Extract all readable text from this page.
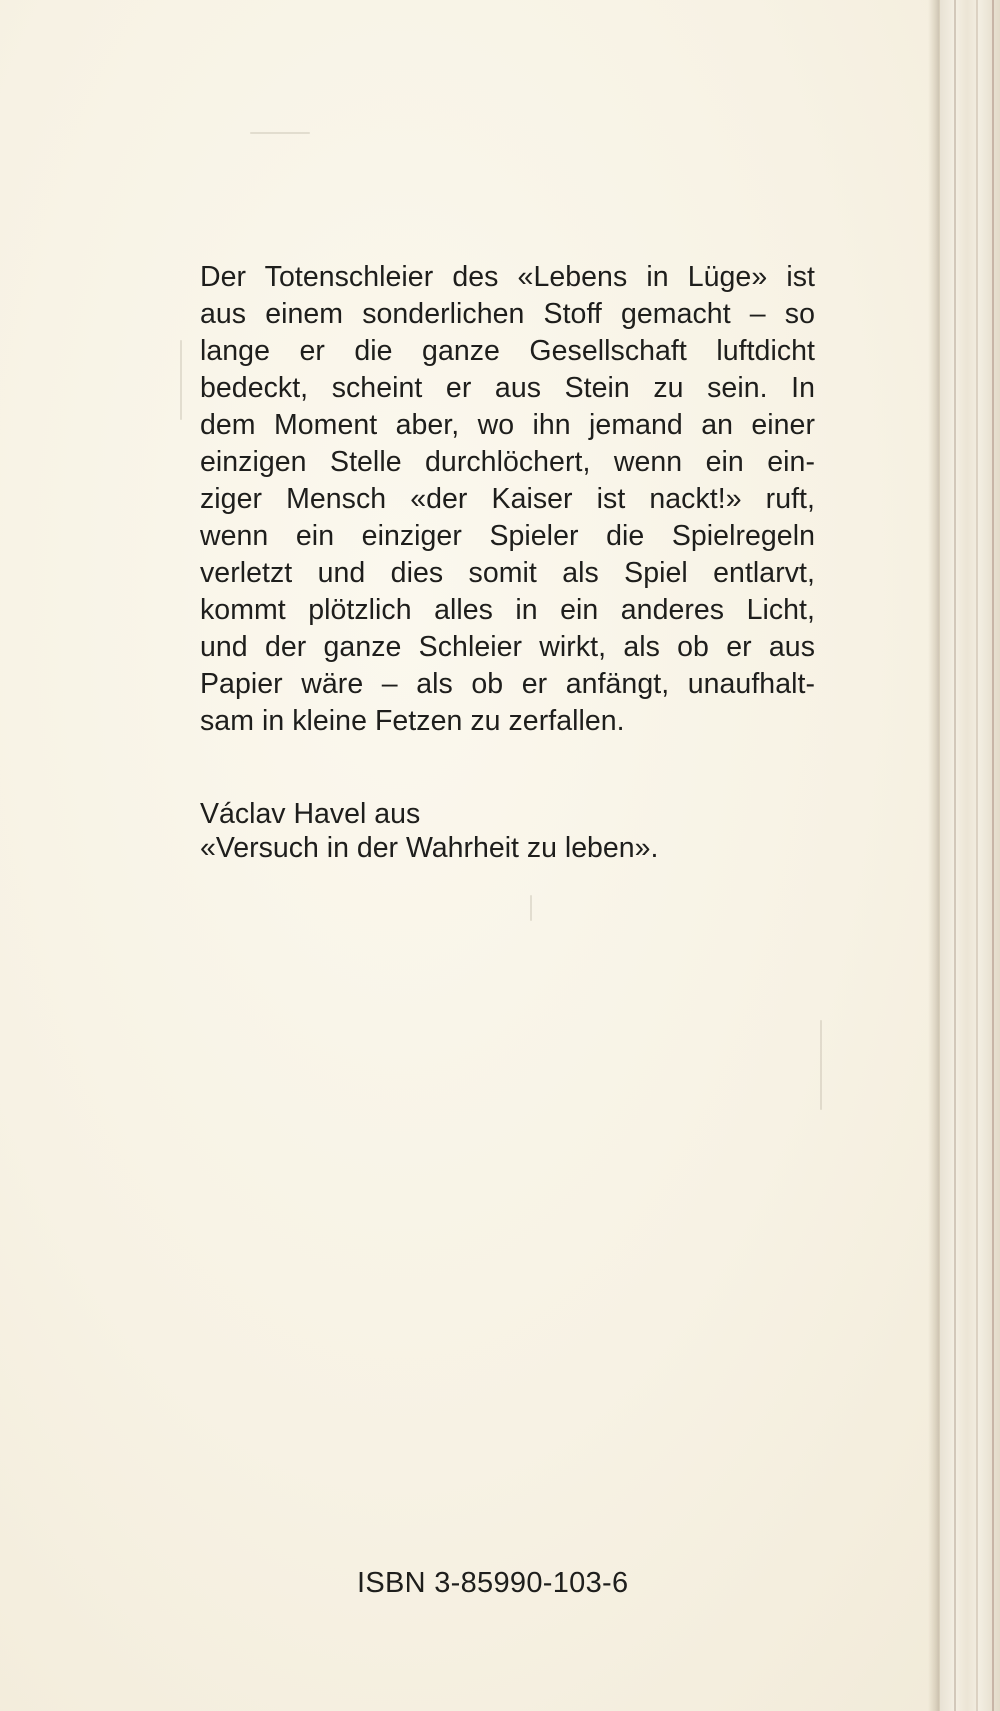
Der Totenschleier des «Lebens in Lüge» ist
aus einem sonderlichen Stoff gemacht – so
lange er die ganze Gesellschaft luftdicht
bedeckt, scheint er aus Stein zu sein. In
dem Moment aber, wo ihn jemand an einer
einzigen Stelle durchlöchert, wenn ein ein-
ziger Mensch «der Kaiser ist nackt!» ruft,
wenn ein einziger Spieler die Spielregeln
verletzt und dies somit als Spiel entlarvt,
kommt plötzlich alles in ein anderes Licht,
und der ganze Schleier wirkt, als ob er aus
Papier wäre – als ob er anfängt, unaufhalt-
sam in kleine Fetzen zu zerfallen.
Václav Havel aus
«Versuch in der Wahrheit zu leben».
ISBN 3-85990-103-6
